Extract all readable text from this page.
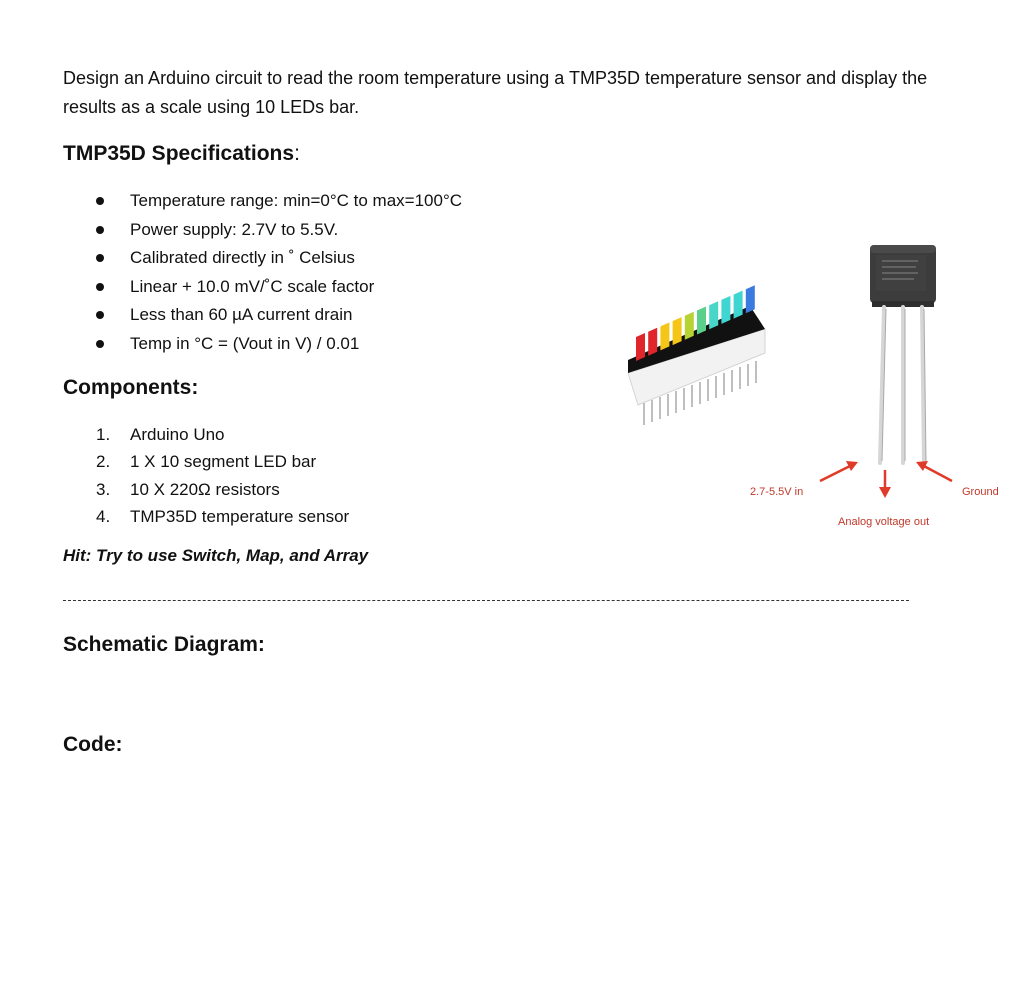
Design an Arduino circuit to read the room temperature using a TMP35D temperature sensor and display the results as a scale using 10 LEDs bar.

TMP35D Specifications:
Temperature range: min=0°C to max=100°C
Power supply: 2.7V to 5.5V.
Calibrated directly in ˚ Celsius
Linear + 10.0 mV/˚C scale factor
Less than 60 µA current drain
Temp in °C = (Vout in V) / 0.01
Components:
1. Arduino Uno
2. 1 X 10 segment LED bar
3. 10 X 220Ω resistors
4. TMP35D temperature sensor

Hit: Try to use Switch, Map, and Array

Schematic Diagram:
Code:

2.7-5.5V in	Ground

Analog voltage out
